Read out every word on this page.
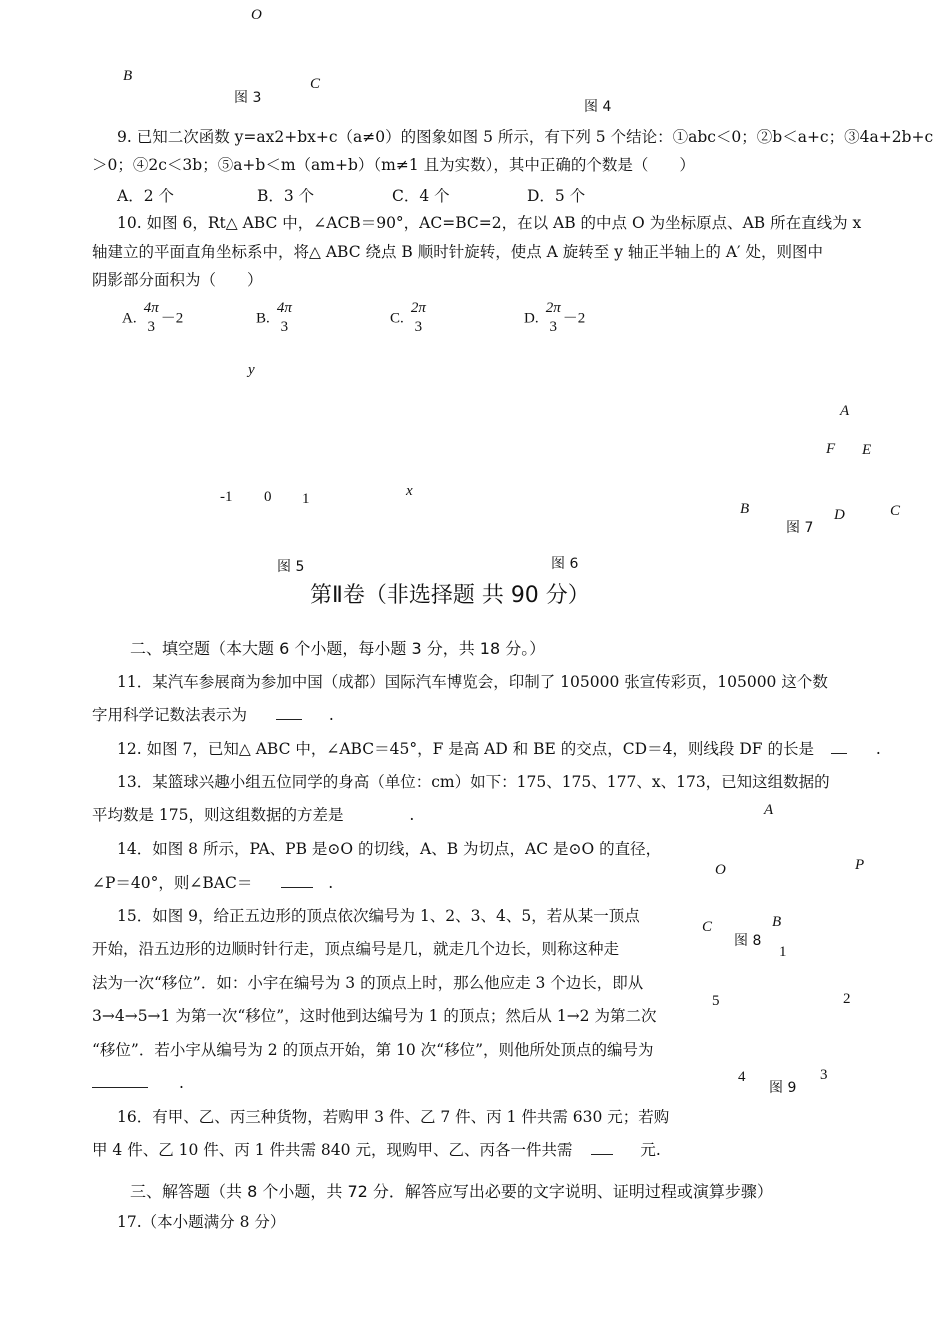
O
B	C
图 3
图 4
9. 已知二次函数 y=ax2+bx+c（a≠0）的图象如图 5 所示，有下列 5 个结论：①abc＜0；②b＜a+c；③4a+2b+c
＞0；④2c＜3b；⑤a+b＜m（am+b）（m≠1 且为实数），其中正确的个数是（　　）
A．2 个	B．3 个	C．4 个	D．5 个
10. 如图 6，Rt△ ABC 中，∠ACB＝90°，AC=BC=2，在以 AB 的中点 O 为坐标原点、AB 所在直线为 x
轴建立的平面直角坐标系中，将△ ABC 绕点 B 顺时针旋转，使点 A 旋转至 y 轴正半轴上的 A′ 处，则图中
阴影部分面积为（　　）
A.
4π
3
－2	B.
4π
3
C.
2π
3
D.
2π
3
－2
y
-1 0 1	x
图 5	图 6
A
F E
B	D	C
图 7
第Ⅱ卷（非选择题 共 90 分）
二、填空题（本大题 6 个小题，每小题 3 分，共 18 分。）
11．某汽车参展商为参加中国（成都）国际汽车博览会，印制了 105000 张宣传彩页，105000 这个数
字用科学记数法表示为	.
12. 如图 7，已知△ ABC 中，∠ABC＝45°，F 是高 AD 和 BE 的交点，CD＝4，则线段 DF 的长是	.
13．某篮球兴趣小组五位同学的身高（单位：cm）如下：175、175、177、x、173，已知这组数据的
平均数是 175，则这组数据的方差是	.
14．如图 8 所示，PA、PB 是⊙O 的切线，A、B 为切点，AC 是⊙O 的直径，
∠P＝40°，则∠BAC＝	.
A
O	P
C	B
图 8
15．如图 9，给正五边形的顶点依次编号为 1、2、3、4、5，若从某一顶点
开始，沿五边形的边顺时针行走，顶点编号是几，就走几个边长，则称这种走
法为一次“移位”．如：小宇在编号为 3 的顶点上时，那么他应走 3 个边长，即从
3→4→5→1 为第一次“移位”，这时他到达编号为 1 的顶点；然后从 1→2 为第二次
“移位”．若小宇从编号为 2 的顶点开始，第 10 次“移位”，则他所处顶点的编号为
.
1
5	2
4	3
图 9
16．有甲、乙、丙三种货物，若购甲 3 件、乙 7 件、丙 1 件共需 630 元；若购
甲 4 件、乙 10 件、丙 1 件共需 840 元，现购甲、乙、丙各一件共需	元.
三、解答题（共 8 个小题，共 72 分．解答应写出必要的文字说明、证明过程或演算步骤）
17.（本小题满分 8 分）
